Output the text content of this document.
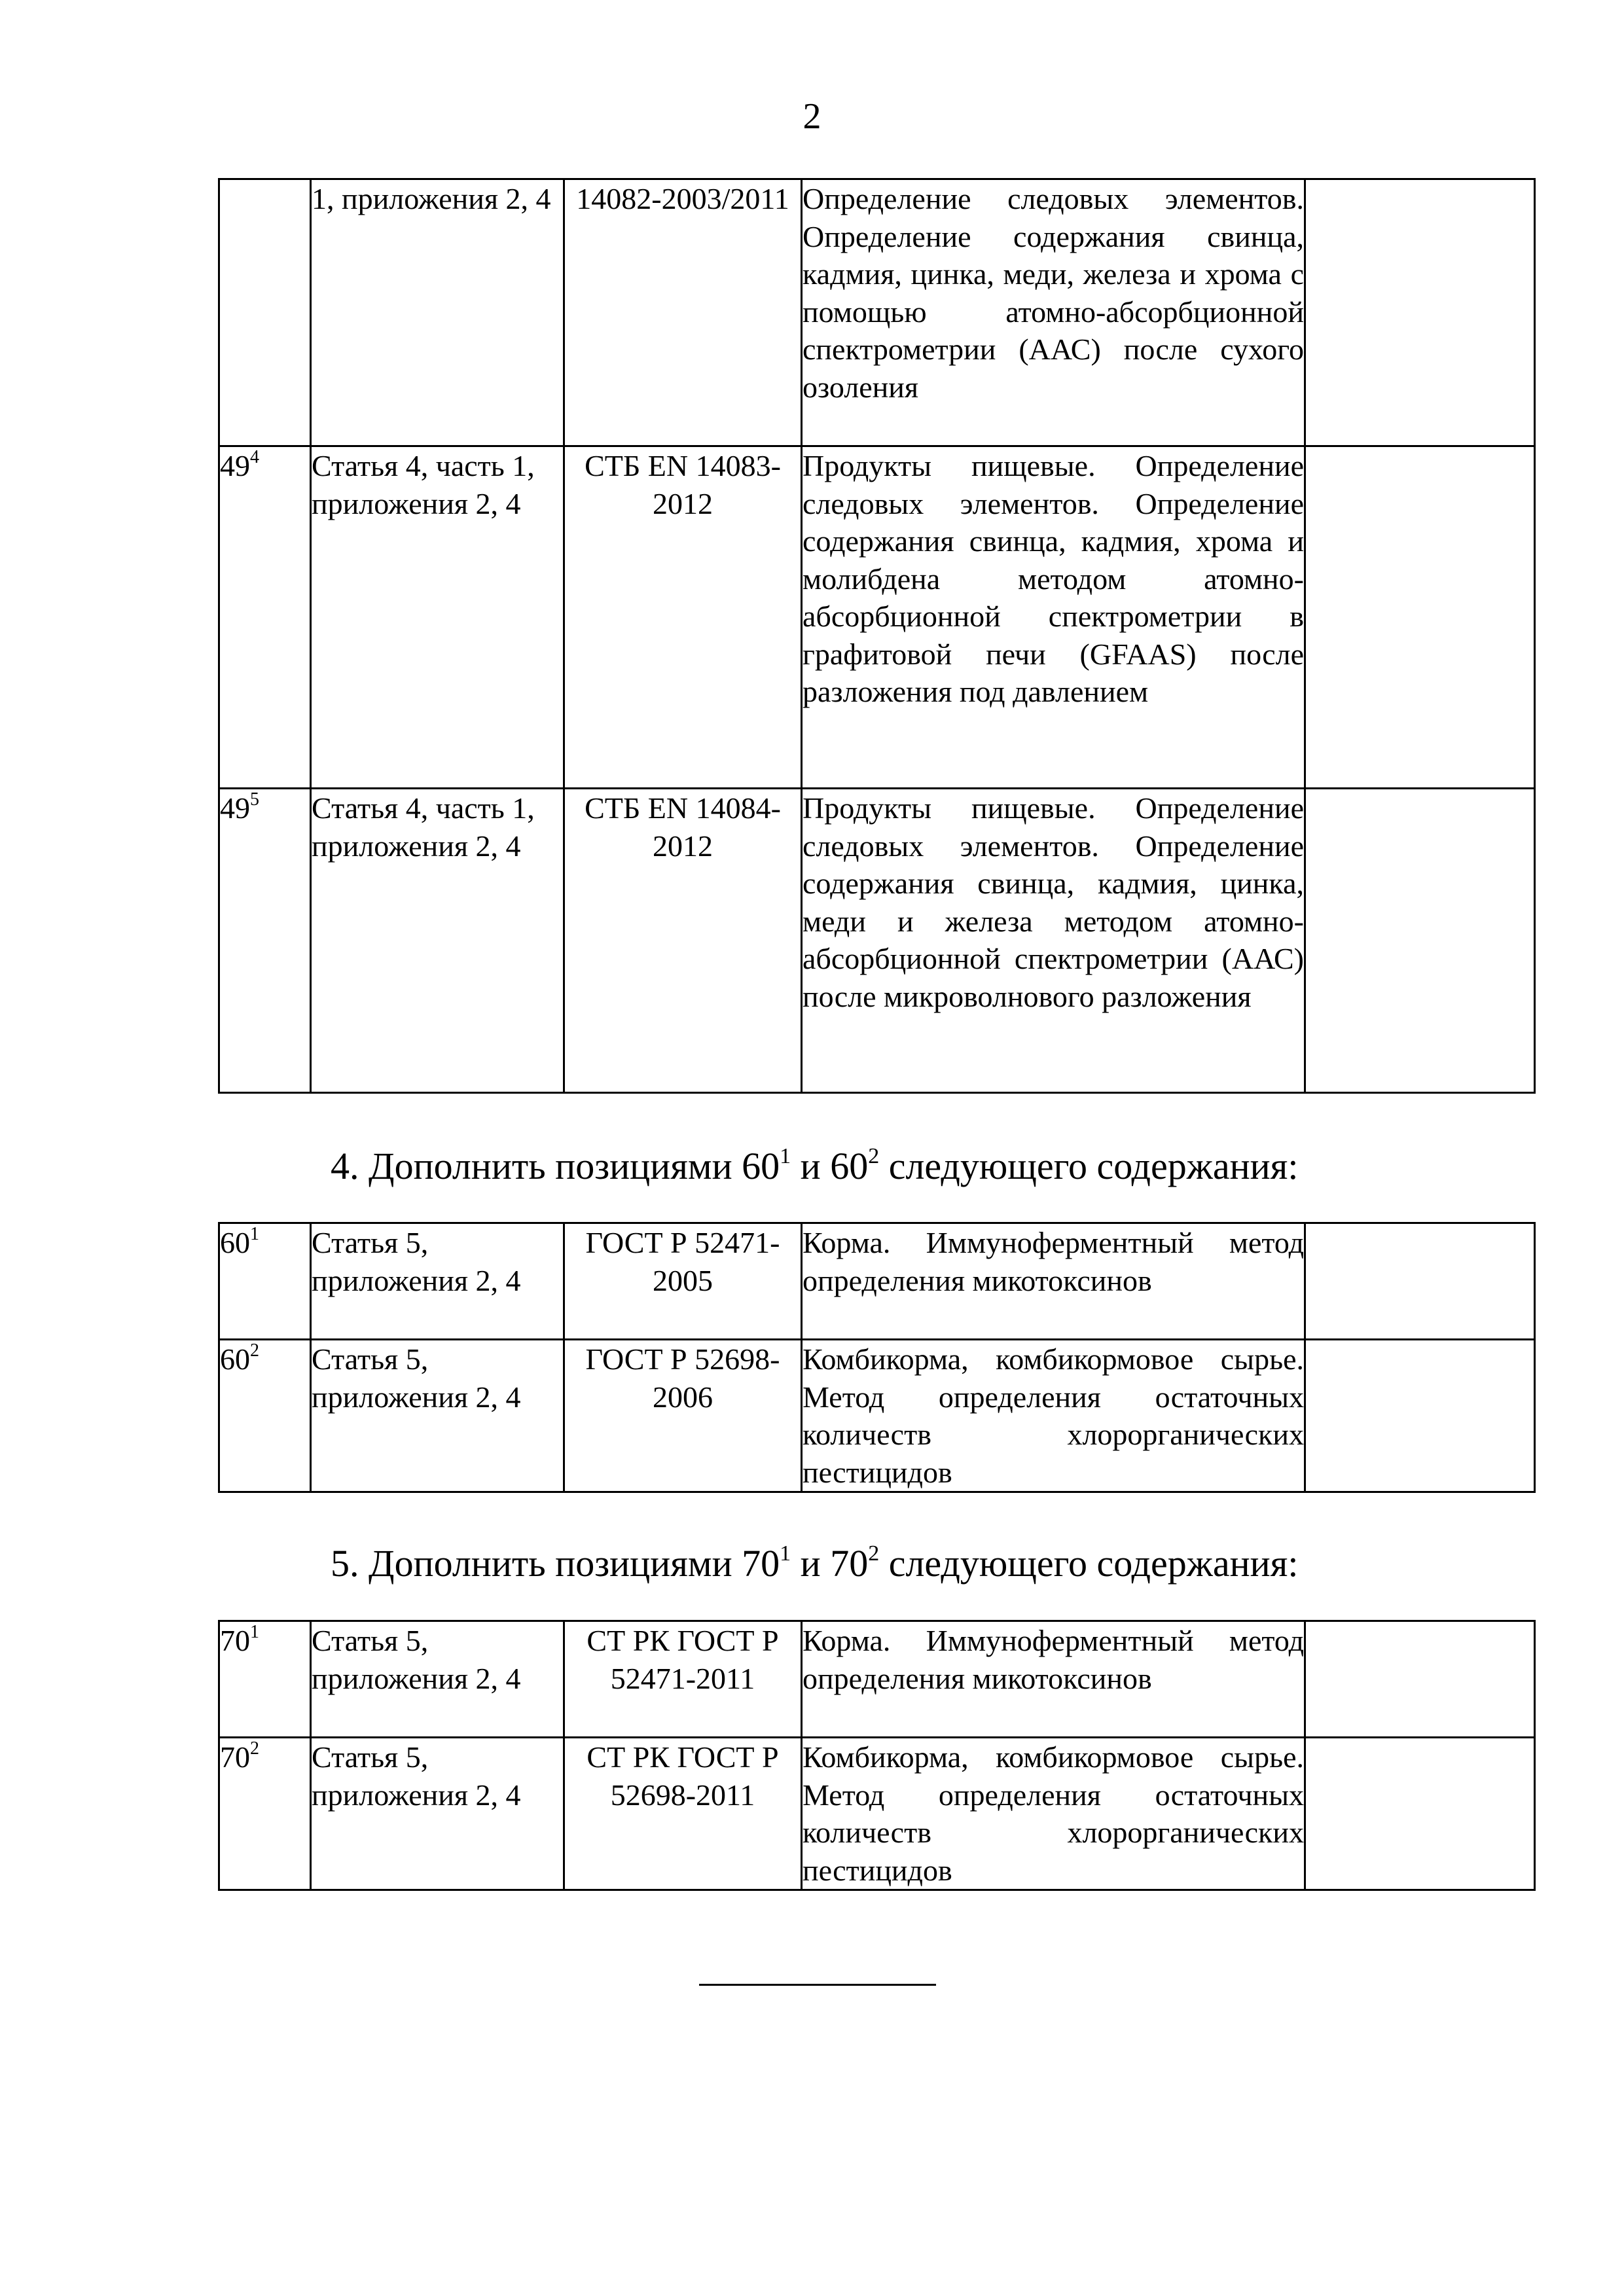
2
	1, приложения 2, 4	14082-2003/2011	Определение следовых элементов. Определение содержания свинца, кадмия, цинка, меди, железа и хрома с помощью атомно-абсорбционной спектрометрии (ААС) после сухого озоления	
$49^4$	Статья 4, часть 1, приложения 2, 4	СТБ EN 14083-2012	Продукты пищевые. Определение следовых элементов. Определение содержания свинца, кадмия, хрома и молибдена методом атомно-абсорбционной спектрометрии в графитовой печи (GFAAS) после разложения под давлением	
$49^5$	Статья 4, часть 1, приложения 2, 4	СТБ EN 14084-2012	Продукты пищевые. Определение следовых элементов. Определение содержания свинца, кадмия, цинка, меди и железа методом атомно-абсорбционной спектрометрии (ААС) после микроволнового разложения	
4. Дополнить позициями $60^1$ и $60^2$ следующего содержания:
$60^1$	Статья 5, приложения 2, 4	ГОСТ Р 52471-2005	Корма. Иммуноферментный метод определения микотоксинов	
$60^2$	Статья 5, приложения 2, 4	ГОСТ Р 52698-2006	Комбикорма, комбикормовое сырье. Метод определения остаточных количеств хлорорганических пестицидов	
5. Дополнить позициями $70^1$ и $70^2$ следующего содержания:
$70^1$	Статья 5, приложения 2, 4	СТ РК ГОСТ Р 52471-2011	Корма. Иммуноферментный метод определения микотоксинов	
$70^2$	Статья 5, приложения 2, 4	СТ РК ГОСТ Р 52698-2011	Комбикорма, комбикормовое сырье. Метод определения остаточных количеств хлорорганических пестицидов	
